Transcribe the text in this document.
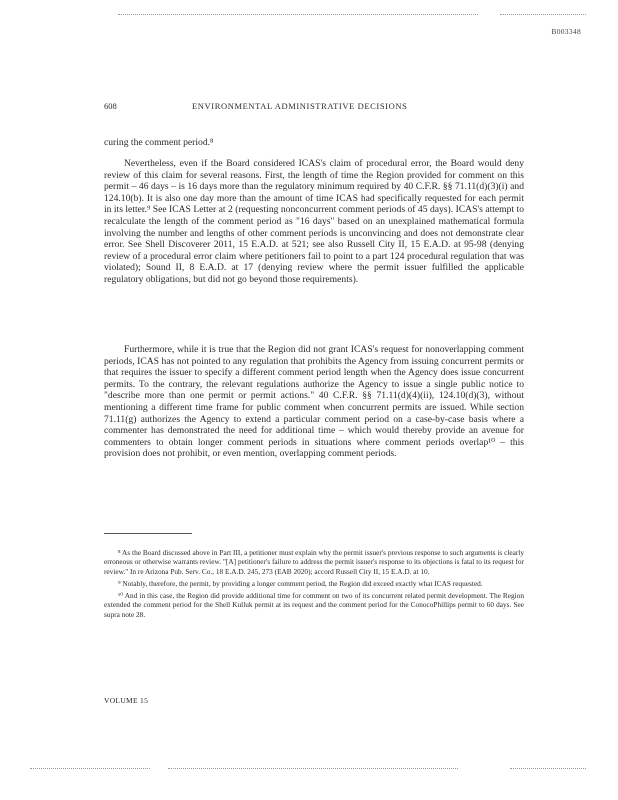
B003348
608	ENVIRONMENTAL ADMINISTRATIVE DECISIONS

curing the comment period.⁸

Nevertheless, even if the Board considered ICAS's claim of procedural error, the Board would deny review of this claim for several reasons. First, the length of time the Region provided for comment on this permit – 46 days – is 16 days more than the regulatory minimum required by 40 C.F.R. §§ 71.11(d)(3)(i) and 124.10(b). It is also one day more than the amount of time ICAS had specifically requested for each permit in its letter.⁹ See ICAS Letter at 2 (requesting nonconcurrent comment periods of 45 days). ICAS's attempt to recalculate the length of the comment period as "16 days" based on an unexplained mathematical formula involving the number and lengths of other comment periods is unconvincing and does not demonstrate clear error. See Shell Discoverer 2011, 15 E.A.D. at 521; see also Russell City II, 15 E.A.D. at 95-98 (denying review of a procedural error claim where petitioners fail to point to a part 124 procedural regulation that was violated); Sound II, 8 E.A.D. at 17 (denying review where the permit issuer fulfilled the applicable regulatory obligations, but did not go beyond those requirements).

Furthermore, while it is true that the Region did not grant ICAS's request for nonoverlapping comment periods, ICAS has not pointed to any regulation that prohibits the Agency from issuing concurrent permits or that requires the issuer to specify a different comment period length when the Agency does issue concurrent permits. To the contrary, the relevant regulations authorize the Agency to issue a single public notice to "describe more than one permit or permit actions." 40 C.F.R. §§ 71.11(d)(4)(ii), 124.10(d)(3), without mentioning a different time frame for public comment when concurrent permits are issued. While section 71.11(g) authorizes the Agency to extend a particular comment period on a case-by-case basis where a commenter has demonstrated the need for additional time – which would thereby provide an avenue for commenters to obtain longer comment periods in situations where comment periods overlap¹⁰ – this provision does not prohibit, or even mention, overlapping comment periods.

⁸ As the Board discussed above in Part III, a petitioner must explain why the permit issuer's previous response to such arguments is clearly erroneous or otherwise warrants review. "[A] petitioner's failure to address the permit issuer's response to its objections is fatal to its request for review." In re Arizona Pub. Serv. Co., 18 E.A.D. 245, 273 (EAB 2020); accord Russell City II, 15 E.A.D. at 10.

⁹ Notably, therefore, the permit, by providing a longer comment period, the Region did exceed exactly what ICAS requested.

¹⁰ And in this case, the Region did provide additional time for comment on two of its concurrent related permit development. The Region extended the comment period for the Shell Kulluk permit at its request and the comment period for the ConocoPhillips permit to 60 days. See supra note 28.

VOLUME 15
